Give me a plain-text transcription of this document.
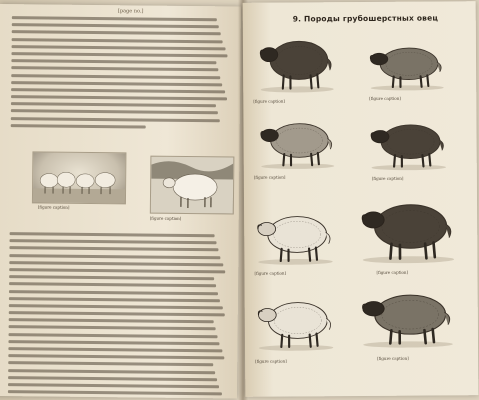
[page no.]
[figure caption]
[figure caption]
9. Породы грубошерстных овец
[figure caption]
[figure caption]
[figure caption]	[figure caption]
[figure caption]	[figure caption]
[figure caption]
[figure caption]
